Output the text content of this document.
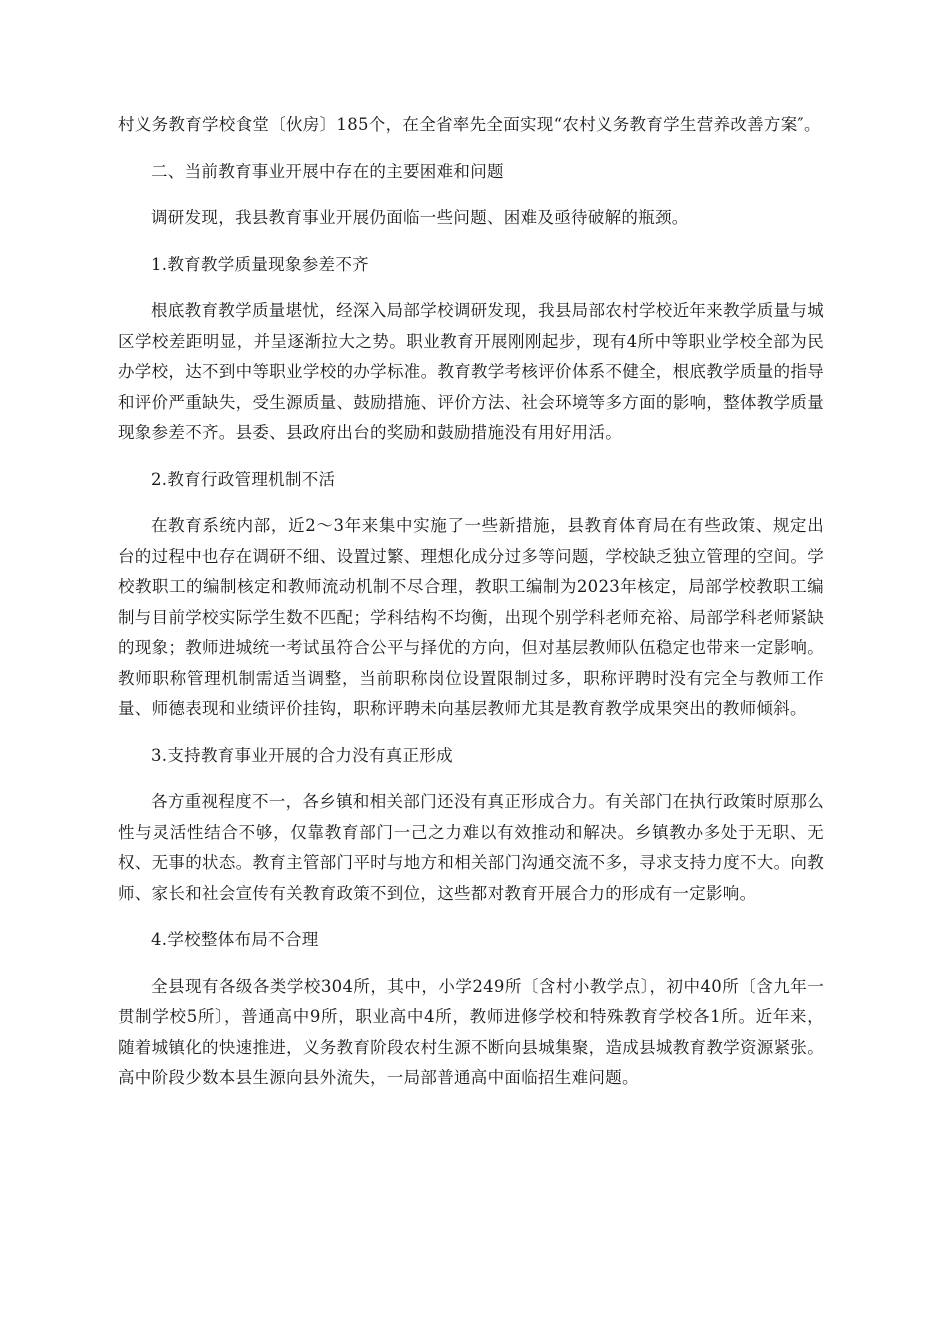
村义务教育学校食堂〔伙房〕185个，在全省率先全面实现“农村义务教育学生营养改善方案″。

二、当前教育事业开展中存在的主要困难和问题

调研发现，我县教育事业开展仍面临一些问题、困难及亟待破解的瓶颈。

1.教育教学质量现象参差不齐

根底教育教学质量堪忧，经深入局部学校调研发现，我县局部农村学校近年来教学质量与城区学校差距明显，并呈逐渐拉大之势。职业教育开展刚刚起步，现有4所中等职业学校全部为民办学校，达不到中等职业学校的办学标准。教育教学考核评价体系不健全，根底教学质量的指导和评价严重缺失，受生源质量、鼓励措施、评价方法、社会环境等多方面的影响，整体教学质量现象参差不齐。县委、县政府出台的奖励和鼓励措施没有用好用活。

2.教育行政管理机制不活

在教育系统内部，近2～3年来集中实施了一些新措施，县教育体育局在有些政策、规定出台的过程中也存在调研不细、设置过繁、理想化成分过多等问题，学校缺乏独立管理的空间。学校教职工的编制核定和教师流动机制不尽合理，教职工编制为2023年核定，局部学校教职工编制与目前学校实际学生数不匹配；学科结构不均衡，出现个别学科老师充裕、局部学科老师紧缺的现象；教师进城统一考试虽符合公平与择优的方向，但对基层教师队伍稳定也带来一定影响。教师职称管理机制需适当调整，当前职称岗位设置限制过多，职称评聘时没有完全与教师工作量、师德表现和业绩评价挂钩，职称评聘未向基层教师尤其是教育教学成果突出的教师倾斜。

3.支持教育事业开展的合力没有真正形成

各方重视程度不一，各乡镇和相关部门还没有真正形成合力。有关部门在执行政策时原那么性与灵活性结合不够，仅靠教育部门一己之力难以有效推动和解决。乡镇教办多处于无职、无权、无事的状态。教育主管部门平时与地方和相关部门沟通交流不多，寻求支持力度不大。向教师、家长和社会宣传有关教育政策不到位，这些都对教育开展合力的形成有一定影响。

4.学校整体布局不合理

全县现有各级各类学校304所，其中，小学249所〔含村小教学点〕，初中40所〔含九年一贯制学校5所〕，普通高中9所，职业高中4所，教师进修学校和特殊教育学校各1所。近年来，随着城镇化的快速推进，义务教育阶段农村生源不断向县城集聚，造成县城教育教学资源紧张。高中阶段少数本县生源向县外流失，一局部普通高中面临招生难问题。
